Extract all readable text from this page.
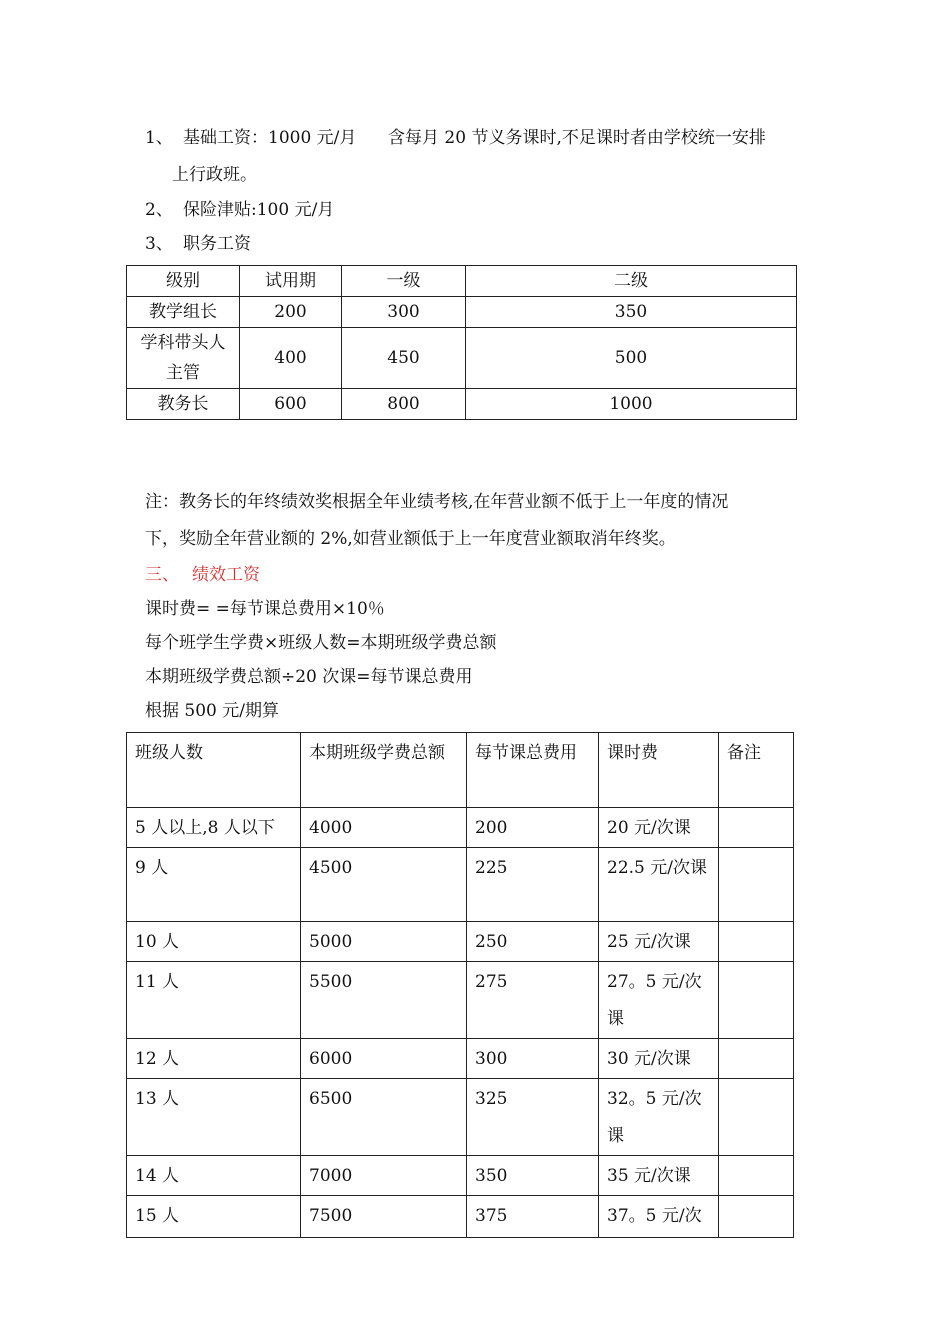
1、 基础工资：1000 元/月 含每月 20 节义务课时,不足课时者由学校统一安排
上行政班。
2、 保险津贴:100 元/月
3、 职务工资
级别	试用期	一级	二级
教学组长	200	300	350

学科带头人
主管	400	450	500
教务长	600	800	1000
注：教务长的年终绩效奖根据全年业绩考核,在年营业额不低于上一年度的情况
下，奖励全年营业额的 2%,如营业额低于上一年度营业额取消年终奖。
三、 绩效工资
课时费= =每节课总费用×10％
每个班学生学费×班级人数=本期班级学费总额
本期班级学费总额÷20 次课=每节课总费用
根据 500 元/期算
班级人数	本期班级学费总额	每节课总费用	课时费	备注
5 人以上,8 人以下	4000	200	20 元/次课	
9 人	4500	225	22.5 元/次课	
10 人	5000	250	25 元/次课	
11 人	5500	275	27。5 元/次课	
12 人	6000	300	30 元/次课	
13 人	6500	325	32。5 元/次课	
14 人	7000	350	35 元/次课	
15 人	7500	375	37。5 元/次	
